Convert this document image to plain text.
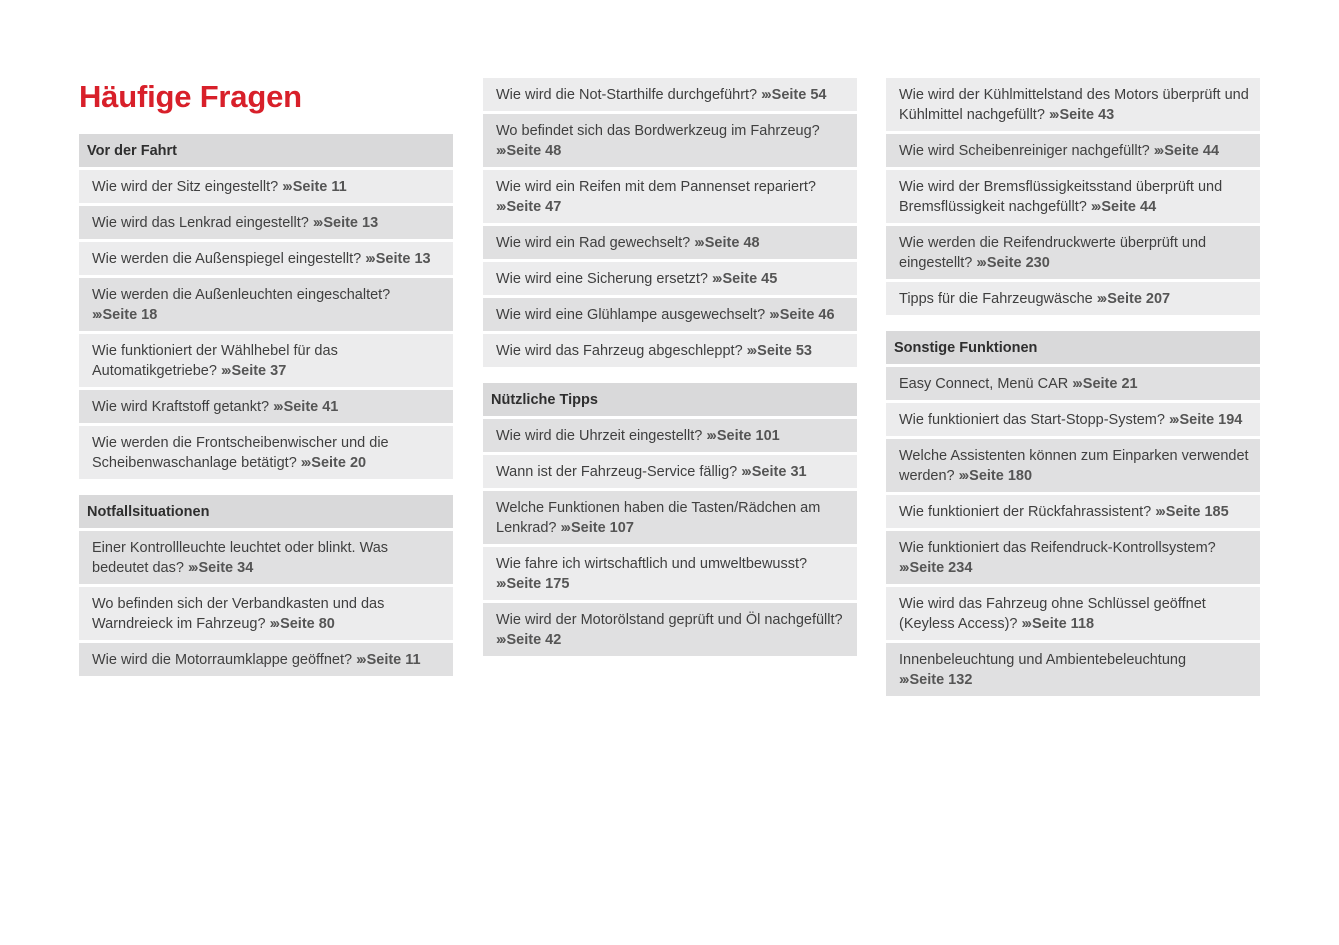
Häufige Fragen
Vor der Fahrt
Wie wird der Sitz eingestellt? ››› Seite 11
Wie wird das Lenkrad eingestellt? ››› Seite 13
Wie werden die Außenspiegel eingestellt? ››› Seite 13
Wie werden die Außenleuchten eingeschaltet? ››› Seite 18
Wie funktioniert der Wählhebel für das Automatikgetriebe? ››› Seite 37
Wie wird Kraftstoff getankt? ››› Seite 41
Wie werden die Frontscheibenwischer und die Scheibenwaschanlage betätigt? ››› Seite 20
Notfallsituationen
Einer Kontrollleuchte leuchtet oder blinkt. Was bedeutet das? ››› Seite 34
Wo befinden sich der Verbandkasten und das Warndreieck im Fahrzeug? ››› Seite 80
Wie wird die Motorraumklappe geöffnet? ››› Seite 11
Wie wird die Not-Starthilfe durchgeführt? ››› Seite 54
Wo befindet sich das Bordwerkzeug im Fahrzeug? ››› Seite 48
Wie wird ein Reifen mit dem Pannenset repariert? ››› Seite 47
Wie wird ein Rad gewechselt? ››› Seite 48
Wie wird eine Sicherung ersetzt? ››› Seite 45
Wie wird eine Glühlampe ausgewechselt? ››› Seite 46
Wie wird das Fahrzeug abgeschleppt? ››› Seite 53
Nützliche Tipps
Wie wird die Uhrzeit eingestellt? ››› Seite 101
Wann ist der Fahrzeug-Service fällig? ››› Seite 31
Welche Funktionen haben die Tasten/Rädchen am Lenkrad? ››› Seite 107
Wie fahre ich wirtschaftlich und umweltbewusst? ››› Seite 175
Wie wird der Motorölstand geprüft und Öl nachgefüllt? ››› Seite 42
Wie wird der Kühlmittelstand des Motors überprüft und Kühlmittel nachgefüllt? ››› Seite 43
Wie wird Scheibenreiniger nachgefüllt? ››› Seite 44
Wie wird der Bremsflüssigkeitsstand überprüft und Bremsflüssigkeit nachgefüllt? ››› Seite 44
Wie werden die Reifendruckwerte überprüft und eingestellt? ››› Seite 230
Tipps für die Fahrzeugwäsche ››› Seite 207
Sonstige Funktionen
Easy Connect, Menü CAR ››› Seite 21
Wie funktioniert das Start-Stopp-System? ››› Seite 194
Welche Assistenten können zum Einparken verwendet werden? ››› Seite 180
Wie funktioniert der Rückfahrassistent? ››› Seite 185
Wie funktioniert das Reifendruck-Kontrollsystem? ››› Seite 234
Wie wird das Fahrzeug ohne Schlüssel geöffnet (Keyless Access)? ››› Seite 118
Innenbeleuchtung und Ambientebeleuchtung ››› Seite 132
